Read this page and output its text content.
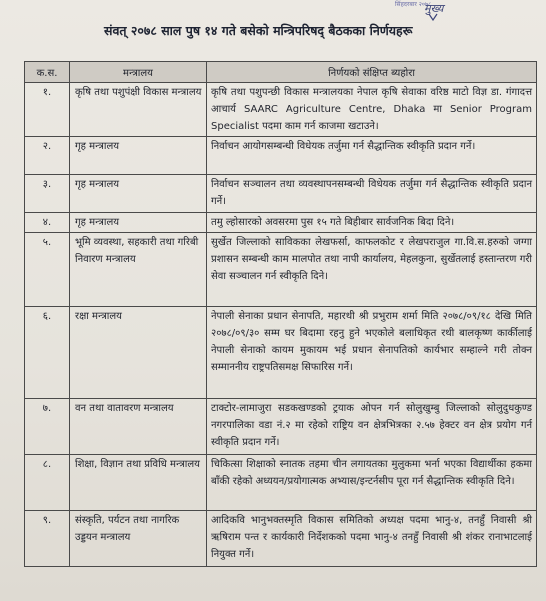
सिंहदरबार २०७८
मुख्य
संवत् २०७८ साल पुष १४ गते बसेको मन्त्रिपरिषद् बैठकका निर्णयहरू
क.स.	मन्त्रालय	निर्णयको संक्षिप्त ब्यहोरा
१.	कृषि तथा पशुपंक्षी विकास मन्त्रालय	कृषि तथा पशुपन्छी विकास मन्त्रालयका नेपाल कृषि सेवाका वरिष्ठ माटो विज्ञ डा. गंगादत्त आचार्य SAARC Agriculture Centre, Dhaka मा Senior Program Specialist पदमा काम गर्न काजमा खटाउने।
२.	गृह मन्त्रालय	निर्वाचन आयोगसम्बन्धी विधेयक तर्जुमा गर्न सैद्धान्तिक स्वीकृति प्रदान गर्ने।
३.	गृह मन्त्रालय	निर्वाचन सञ्चालन तथा व्यवस्थापनसम्बन्धी विधेयक तर्जुमा गर्न सैद्धान्तिक स्वीकृति प्रदान गर्ने।
४.	गृह मन्त्रालय	तमु ल्होसारको अवसरमा पुस १५ गते बिहीबार सार्वजनिक बिदा दिने।
५.	भूमि व्यवस्था, सहकारी तथा गरिबी निवारण मन्त्रालय	सुर्खेत जिल्लाको साविकका लेखफर्सा, काफलकोट र लेखपराजुल गा.वि.स.हरुको जग्गा प्रशासन सम्बन्धी काम मालपोत तथा नापी कार्यालय, मेहलकुना, सुर्खेतलाई हस्तान्तरण गरी सेवा सञ्चालन गर्न स्वीकृति दिने।
६.	रक्षा मन्त्रालय	नेपाली सेनाका प्रधान सेनापति, महारथी श्री प्रभुराम शर्मा मिति २०७८/०९/१८ देखि मिति २०७८/०९/३० सम्म घर बिदामा रहनु हुने भएकोले बलाधिकृत रथी बालकृष्ण कार्कीलाई नेपाली सेनाको कायम मुकायम भई प्रधान सेनापतिको कार्यभार सम्हाल्ने गरी तोक्न सम्माननीय राष्ट्रपतिसमक्ष सिफारिस गर्ने।
७.	वन तथा वातावरण मन्त्रालय	टाक्टोर-लामाजुरा सडकखण्डको ट्रयाक ओपन गर्न सोलुखुम्बु जिल्लाको सोलुदुधकुण्ड नगरपालिका वडा नं.२ मा रहेको राष्ट्रिय वन क्षेत्रभित्रका २.५७ हेक्टर वन क्षेत्र प्रयोग गर्न स्वीकृति प्रदान गर्ने।
८.	शिक्षा, विज्ञान तथा प्रविधि मन्त्रालय	चिकित्सा शिक्षाको स्नातक तहमा चीन लगायतका मुलुकमा भर्ना भएका विद्यार्थीका हकमा बाँकी रहेको अध्ययन/प्रयोगात्मक अभ्यास/इन्टर्नसीप पूरा गर्न सैद्धान्तिक स्वीकृति दिने।
९.	संस्कृति, पर्यटन तथा नागरिक उड्डयन मन्त्रालय	आदिकवि भानुभक्तस्मृति विकास समितिको अध्यक्ष पदमा भानु-४, तनहुँ निवासी श्री ऋषिराम पन्त र कार्यकारी निर्देशकको पदमा भानु-४ तनहुँ निवासी श्री शंकर रानाभाटलाई नियुक्त गर्ने।
